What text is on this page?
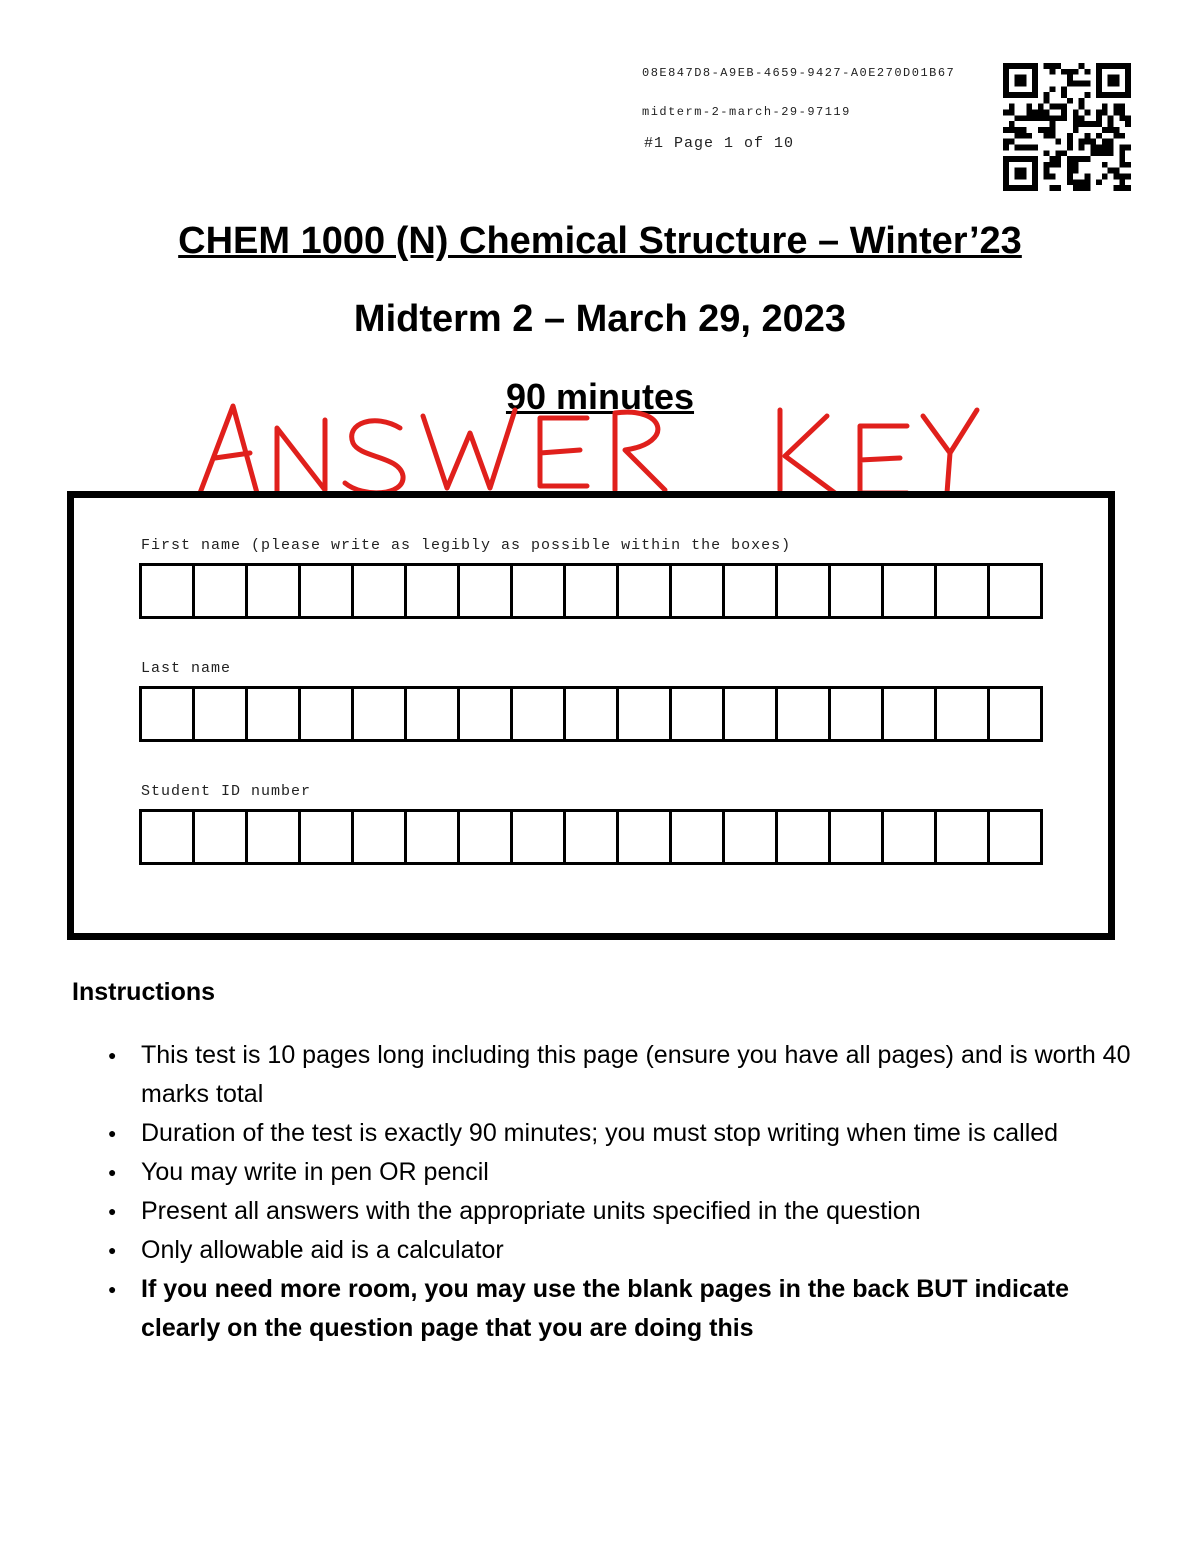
08E847D8-A9EB-4659-9427-A0E270D01B67
midterm-2-march-29-97119
#1 Page 1 of 10
CHEM 1000 (N) Chemical Structure – Winter’23
Midterm 2 – March 29, 2023
90 minutes
First name (please write as legibly as possible within the boxes)
Last name
Student ID number
Instructions
● This test is 10 pages long including this page (ensure you have all pages) and is worth 40 marks total
● Duration of the test is exactly 90 minutes; you must stop writing when time is called
● You may write in pen OR pencil
● Present all answers with the appropriate units specified in the question
● Only allowable aid is a calculator
● If you need more room, you may use the blank pages in the back BUT indicate clearly on the question page that you are doing this
